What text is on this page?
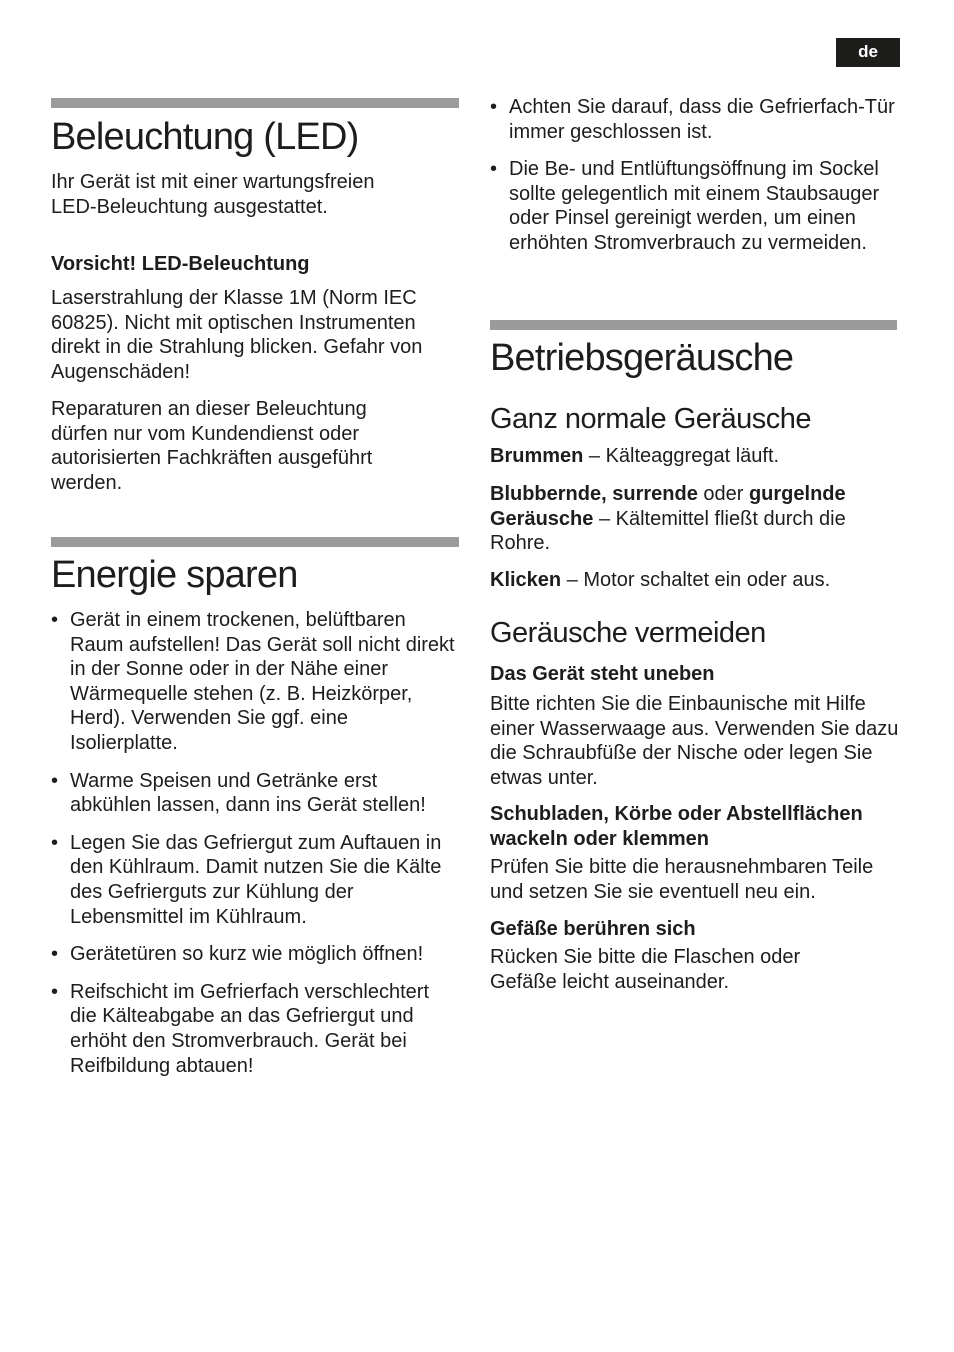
de
Beleuchtung (LED)

Ihr Gerät ist mit einer wartungsfreien LED-Beleuchtung ausgestattet.

Vorsicht! LED-Beleuchtung

Laserstrahlung der Klasse 1M (Norm IEC 60825). Nicht mit optischen Instrumenten direkt in die Strahlung blicken. Gefahr von Augenschäden!

Reparaturen an dieser Beleuchtung dürfen nur vom Kundendienst oder autorisierten Fachkräften ausgeführt werden.

Energie sparen
• Gerät in einem trockenen, belüftbaren Raum aufstellen! Das Gerät soll nicht direkt in der Sonne oder in der Nähe einer Wärmequelle stehen (z. B. Heizkörper, Herd). Verwenden Sie ggf. eine Isolierplatte.
• Warme Speisen und Getränke erst abkühlen lassen, dann ins Gerät stellen!
• Legen Sie das Gefriergut zum Auftauen in den Kühlraum. Damit nutzen Sie die Kälte des Gefrierguts zur Kühlung der Lebensmittel im Kühlraum.
• Gerätetüren so kurz wie möglich öffnen!
• Reifschicht im Gefrierfach verschlechtert die Kälteabgabe an das Gefriergut und erhöht den Stromverbrauch. Gerät bei Reifbildung abtauen!
• Achten Sie darauf, dass die Gefrierfach-Tür immer geschlossen ist.
• Die Be- und Entlüftungsöffnung im Sockel sollte gelegentlich mit einem Staubsauger oder Pinsel gereinigt werden, um einen erhöhten Stromverbrauch zu vermeiden.
Betriebsgeräusche
Ganz normale Geräusche

Brummen – Kälteaggregat läuft.

Blubbernde, surrende oder gurgelnde Geräusche – Kältemittel fließt durch die Rohre.

Klicken – Motor schaltet ein oder aus.

Geräusche vermeiden

Das Gerät steht uneben

Bitte richten Sie die Einbaunische mit Hilfe einer Wasserwaage aus. Verwenden Sie dazu die Schraubfüße der Nische oder legen Sie etwas unter.

Schubladen, Körbe oder Abstellflächen wackeln oder klemmen

Prüfen Sie bitte die herausnehmbaren Teile und setzen Sie sie eventuell neu ein.

Gefäße berühren sich

Rücken Sie bitte die Flaschen oder Gefäße leicht auseinander.
